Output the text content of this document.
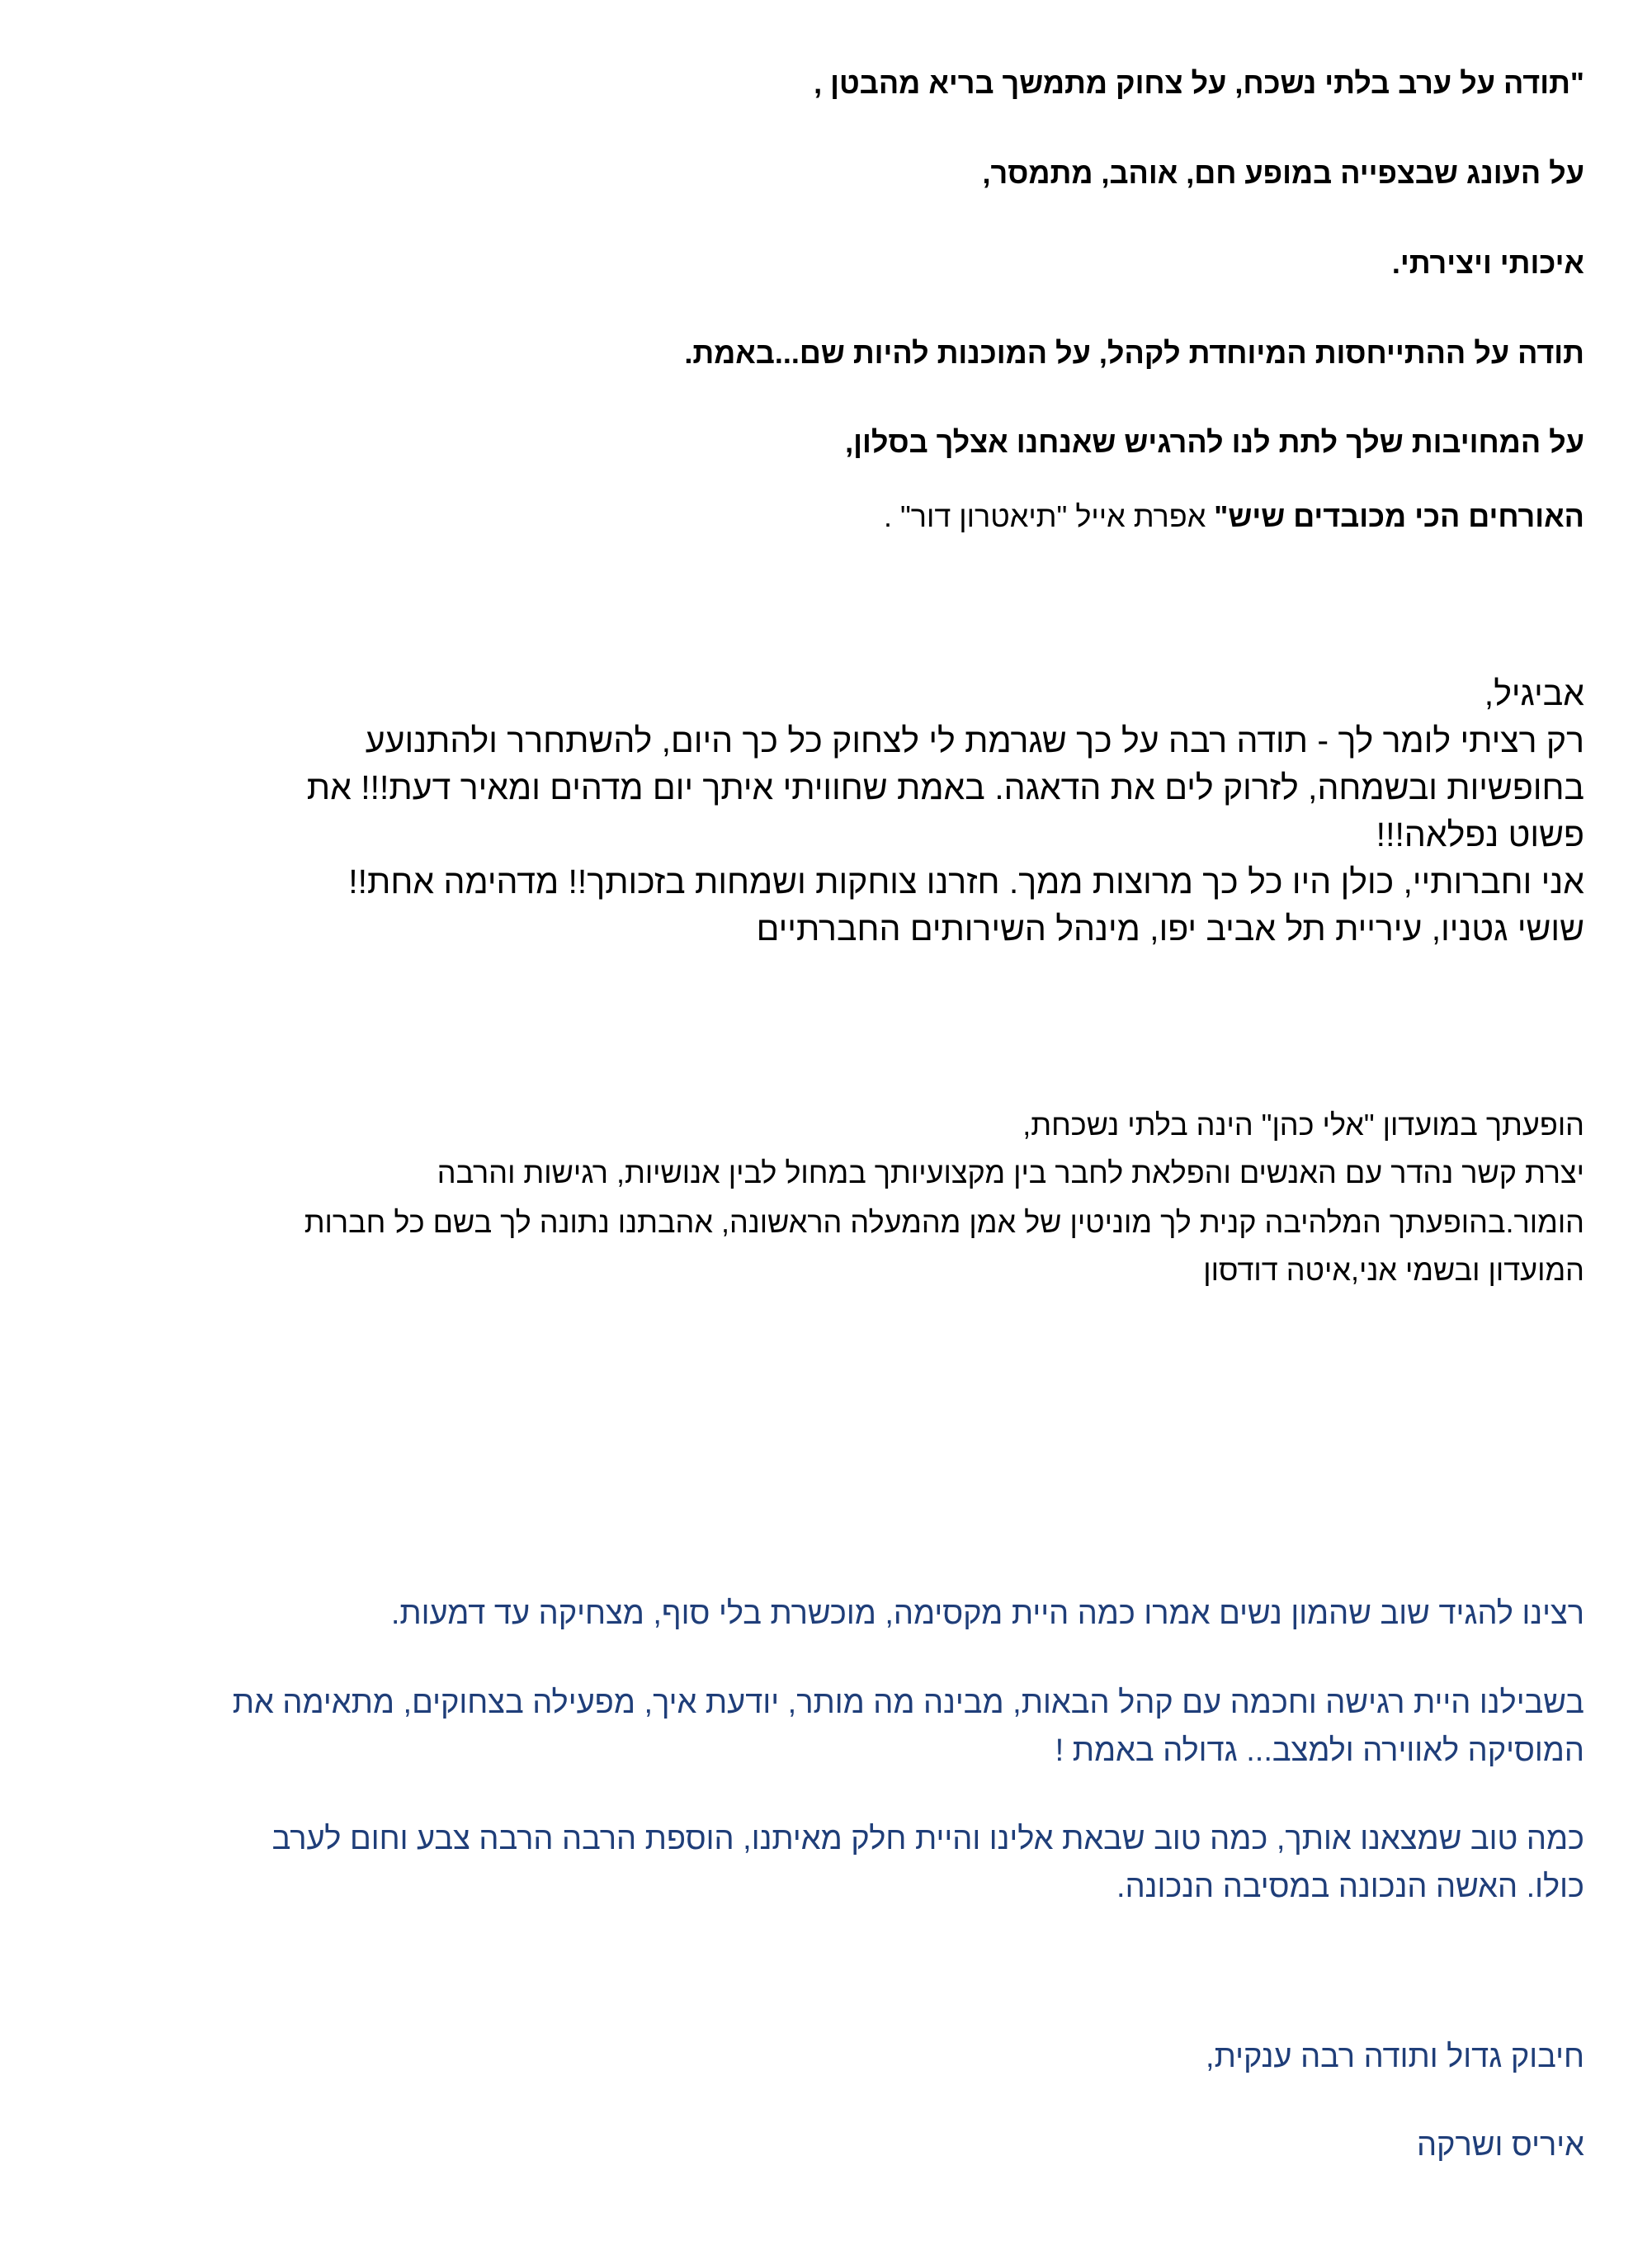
"תודה על ערב בלתי נשכח, על צחוק מתמשך בריא מהבטן ,

על העונג שבצפייה במופע חם, אוהב, מתמסר,

איכותי ויצירתי.

תודה על ההתייחסות המיוחדת לקהל, על המוכנות להיות שם...באמת.

על המחויבות שלך לתת לנו להרגיש שאנחנו אצלך בסלון,

האורחים הכי מכובדים שיש" אפרת אייל "תיאטרון דור" .

אביגיל,

רק רציתי לומר לך - תודה רבה על כך שגרמת לי לצחוק כל כך היום, להשתחרר ולהתנועע

בחופשיות ובשמחה, לזרוק לים את הדאגה. באמת שחוויתי איתך יום מדהים ומאיר דעת!!! את

פשוט נפלאה!!!

אני וחברותיי, כולן היו כל כך מרוצות ממך. חזרנו צוחקות ושמחות בזכותך!! מדהימה אחת!!

שושי גטניו, עיריית תל אביב יפו, מינהל השירותים החברתיים

הופעתך במועדון "אלי כהן" הינה בלתי נשכחת,

יצרת קשר נהדר עם האנשים והפלאת לחבר בין מקצועיותך במחול לבין אנושיות, רגישות והרבה

הומור.בהופעתך המלהיבה קנית לך מוניטין של אמן מהמעלה הראשונה, אהבתנו נתונה לך בשם כל חברות

המועדון ובשמי אני,איטה דודסון

רצינו להגיד שוב שהמון נשים אמרו כמה היית מקסימה, מוכשרת בלי סוף, מצחיקה עד דמעות.

בשבילנו היית רגישה וחכמה עם קהל הבאות, מבינה מה מותר, יודעת איך, מפעילה בצחוקים, מתאימה את

המוסיקה לאווירה ולמצב... גדולה באמת !

כמה טוב שמצאנו אותך, כמה טוב שבאת אלינו והיית חלק מאיתנו, הוספת הרבה הרבה צבע וחום לערב

כולו. האשה הנכונה במסיבה הנכונה.

חיבוק גדול ותודה רבה ענקית,

איריס ושרקה
